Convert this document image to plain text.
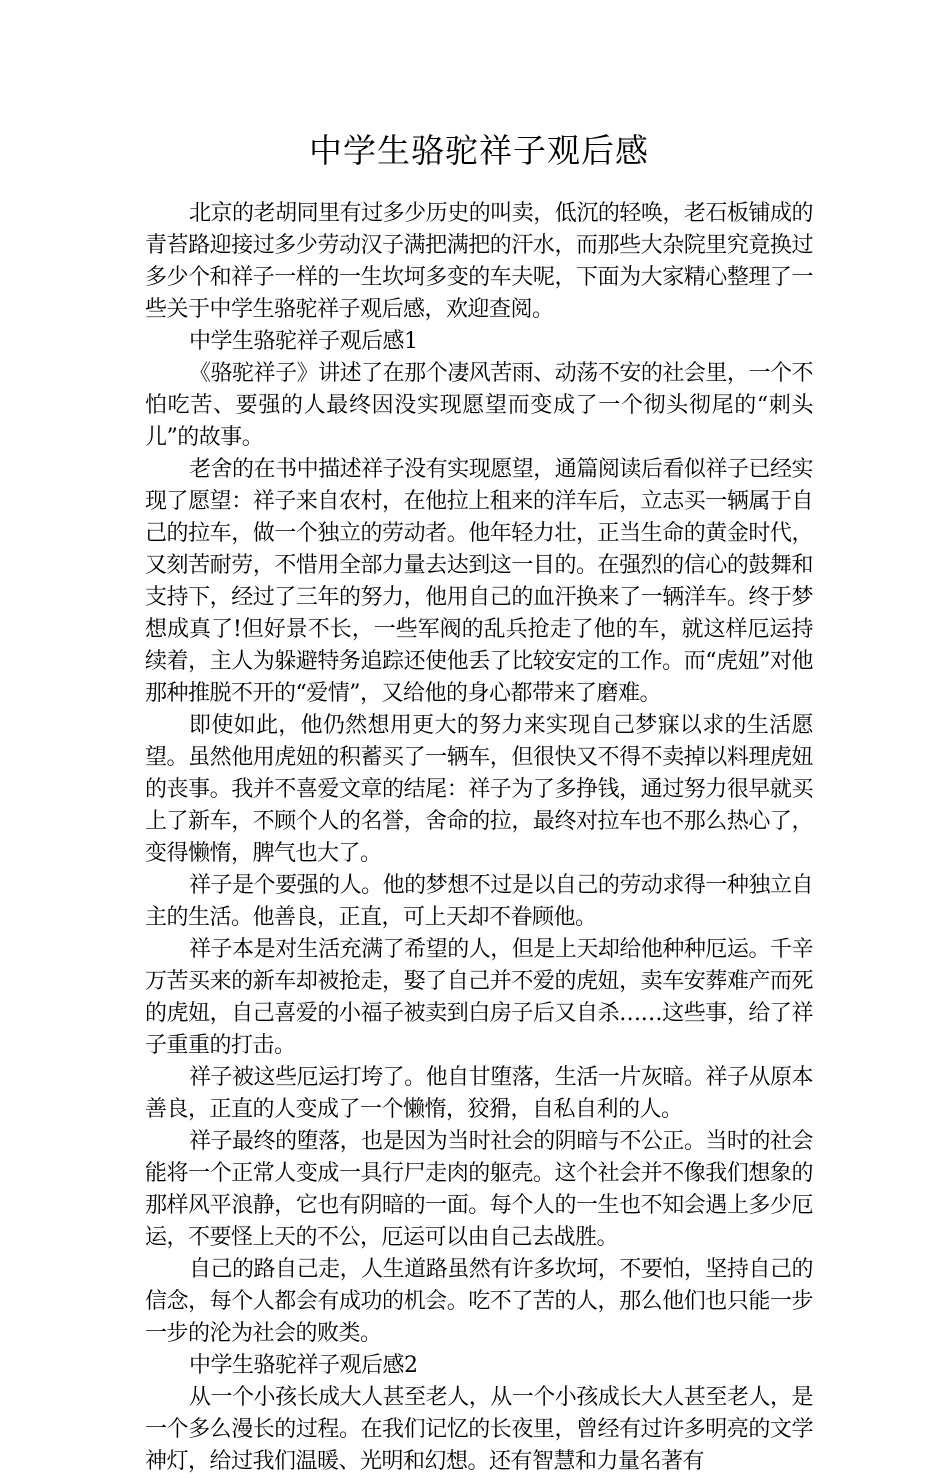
中学生骆驼祥子观后感

北京的老胡同里有过多少历史的叫卖，低沉的轻唤，老石板铺成的青苔路迎接过多少劳动汉子满把满把的汗水，而那些大杂院里究竟换过多少个和祥子一样的一生坎坷多变的车夫呢，下面为大家精心整理了一些关于中学生骆驼祥子观后感，欢迎查阅。

中学生骆驼祥子观后感1

《骆驼祥子》讲述了在那个凄风苦雨、动荡不安的社会里，一个不怕吃苦、要强的人最终因没实现愿望而变成了一个彻头彻尾的“刺头儿”的故事。

老舍的在书中描述祥子没有实现愿望，通篇阅读后看似祥子已经实现了愿望：祥子来自农村，在他拉上租来的洋车后，立志买一辆属于自己的拉车，做一个独立的劳动者。他年轻力壮，正当生命的黄金时代，又刻苦耐劳，不惜用全部力量去达到这一目的。在强烈的信心的鼓舞和支持下，经过了三年的努力，他用自己的血汗换来了一辆洋车。终于梦想成真了!但好景不长，一些军阀的乱兵抢走了他的车，就这样厄运持续着，主人为躲避特务追踪还使他丢了比较安定的工作。而“虎妞”对他那种推脱不开的“爱情”，又给他的身心都带来了磨难。

即使如此，他仍然想用更大的努力来实现自己梦寐以求的生活愿望。虽然他用虎妞的积蓄买了一辆车，但很快又不得不卖掉以料理虎妞的丧事。我并不喜爱文章的结尾：祥子为了多挣钱，通过努力很早就买上了新车，不顾个人的名誉，舍命的拉，最终对拉车也不那么热心了，变得懒惰，脾气也大了。

祥子是个要强的人。他的梦想不过是以自己的劳动求得一种独立自主的生活。他善良，正直，可上天却不眷顾他。

祥子本是对生活充满了希望的人，但是上天却给他种种厄运。千辛万苦买来的新车却被抢走，娶了自己并不爱的虎妞，卖车安葬难产而死的虎妞，自己喜爱的小福子被卖到白房子后又自杀……这些事，给了祥子重重的打击。

祥子被这些厄运打垮了。他自甘堕落，生活一片灰暗。祥子从原本善良，正直的人变成了一个懒惰，狡猾，自私自利的人。

祥子最终的堕落，也是因为当时社会的阴暗与不公正。当时的社会能将一个正常人变成一具行尸走肉的躯壳。这个社会并不像我们想象的那样风平浪静，它也有阴暗的一面。每个人的一生也不知会遇上多少厄运，不要怪上天的不公，厄运可以由自己去战胜。

自己的路自己走，人生道路虽然有许多坎坷，不要怕，坚持自己的信念，每个人都会有成功的机会。吃不了苦的人，那么他们也只能一步一步的沦为社会的败类。

中学生骆驼祥子观后感2

从一个小孩长成大人甚至老人，从一个小孩成长大人甚至老人，是一个多么漫长的过程。在我们记忆的长夜里，曾经有过许多明亮的文学神灯，给过我们温暖、光明和幻想。还有智慧和力量名著有
